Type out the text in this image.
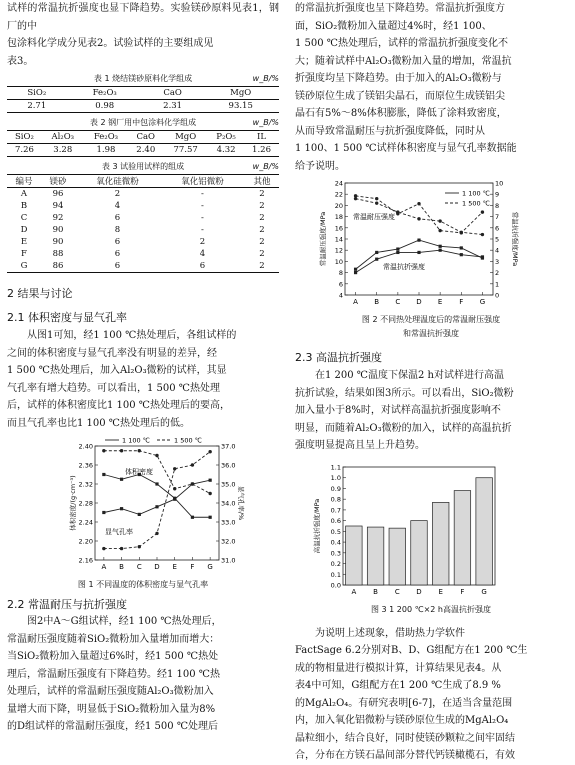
试样的常温抗折强度也显下降趋势。实验镁砂原料见表1，钢厂的中

包涂料化学成分见表2。试验试样的主要组成见

表3。

表 1 烧结镁砂原料化学组成	w_B/%
SiO₂	Fe₂O₃	CaO	MgO
2.71	0.98	2.31	93.15
表 2 钢厂用中包涂料化学组成	w_B/%
SiO₂	Al₂O₃	Fe₂O₃	CaO	MgO	P₂O₅	IL
7.26	3.28	1.98	2.40	77.57	4.32	1.26
表 3 试验用试样的组成	w_B/%
编号	镁砂	氧化硅微粉	氧化铝微粉	其他
A	96	2	-	2
B	94	4	-	2
C	92	6	-	2
D	90	8	-	2
E	90	6	2	2
F	88	6	4	2
G	86	6	6	2
2 结果与讨论
2.1 体积密度与显气孔率

从图1可知，经1 100 ℃热处理后，各组试样的

之间的体积密度与显气孔率没有明显的差异，经

1 500 ℃热处理后，加入Al₂O₃微粉的试样，其显

气孔率有增大趋势。可以看出，1 500 ℃热处理

后，试样的体积密度比1 100 ℃热处理后的要高，

而且气孔率也比1 100 ℃热处理后的低。

2.16
2.20
2.24
2.28
2.32
2.36
2.40
31.0
32.0
33.0
34.0
35.0
36.0
37.0
A B C D E F G
体积密度/(g·cm⁻³)	显气孔率/%
1 100 ℃	1 500 ℃
体积密度
显气孔率
图 1 不同温度的体积密度与显气孔率
2.2 常温耐压与抗折强度

图2中A～G组试样，经1 100 ℃热处理后，

常温耐压强度随着SiO₂微粉加入量增加而增大：

当SiO₂微粉加入量超过6%时，经1 500 ℃热处

理后，常温耐压强度有下降趋势。经1 100 ℃热

处理后，试样的常温耐压强度随Al₂O₃微粉加入

量增大而下降，明显低于SiO₂微粉加入量为8%

的D组试样的常温耐压强度，经1 500 ℃处理后

的常温抗折强度也呈下降趋势。常温抗折强度方

面，SiO₂微粉加入量超过4%时，经1 100、

1 500 ℃热处理后，试样的常温抗折强度变化不

大；随着试样中Al₂O₃微粉加入量的增加，常温抗

折强度均呈下降趋势。由于加入的Al₂O₃微粉与

镁砂原位生成了镁铝尖晶石，而原位生成镁铝尖

晶石有5%～8%体积膨胀，降低了涂料致密度，

从而导致常温耐压与抗折强度降低，同时从

1 100、1 500 ℃试样体积密度与显气孔率数据能

给予说明。

4
6
8
10
12
14
16
18
20
22
24
0
1
2
3
4
5
6
7
8
9
10
A B C D E F G
常温耐压强度/MPa	常温抗折强度/MPa
1 100 ℃
1 500 ℃
常温耐压强度
常温抗折强度
图 2 不同热处理温度后的常温耐压强度
和常温抗折强度
2.3 高温抗折强度

在1 200 ℃温度下保温2 h对试样进行高温

抗折试验，结果如图3所示。可以看出，SiO₂微粉

加入量小于8%时，对试样高温抗折强度影响不

明显，而随着Al₂O₃微粉的加入，试样的高温抗折

强度明显提高且呈上升趋势。

0.0
0.1
0.2
0.3
0.4
0.5
0.6
0.7
0.8
0.9
1.0
1.1
A B C D E F G
高温抗折强度/MPa
图 3 1 200 ℃×2 h高温抗折强度

为说明上述现象，借助热力学软件

FactSage 6.2分别对B、D、G组配方在1 200 ℃生

成的物相量进行模拟计算，计算结果见表4。从

表4中可知，G组配方在1 200 ℃生成了8.9 %

的MgAl₂O₄。有研究表明[6-7]，在适当含量范围

内，加入氧化铝微粉与镁砂原位生成的MgAl₂O₄

晶粒细小，结合良好，同时使镁砂颗粒之间牢固结

合，分布在方镁石晶间部分替代钙镁橄榄石，有效
